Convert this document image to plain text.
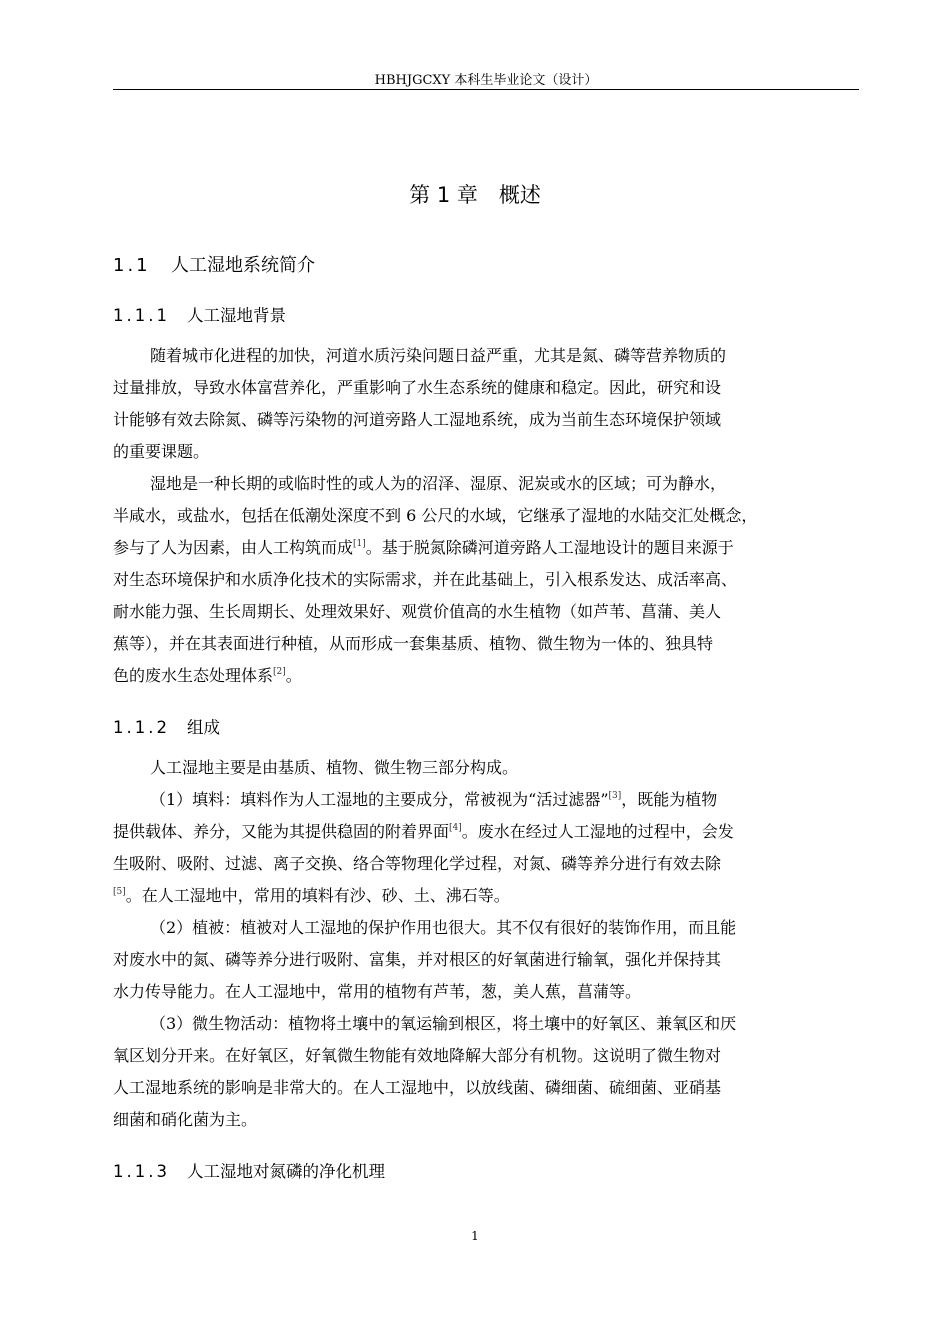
HBHJGCXY 本科生毕业论文（设计）
第 1 章　概述
1.1 人工湿地系统简介
1.1.1 人工湿地背景
随着城市化进程的加快，河道水质污染问题日益严重，尤其是氮、磷等营养物质的
过量排放，导致水体富营养化，严重影响了水生态系统的健康和稳定。因此，研究和设
计能够有效去除氮、磷等污染物的河道旁路人工湿地系统，成为当前生态环境保护领域
的重要课题。
湿地是一种长期的或临时性的或人为的沼泽、湿原、泥炭或水的区域；可为静水，
半咸水，或盐水，包括在低潮处深度不到 6 公尺的水域，它继承了湿地的水陆交汇处概念，
参与了人为因素，由人工构筑而成[1]。基于脱氮除磷河道旁路人工湿地设计的题目来源于
对生态环境保护和水质净化技术的实际需求，并在此基础上，引入根系发达、成活率高、
耐水能力强、生长周期长、处理效果好、观赏价值高的水生植物（如芦苇、菖蒲、美人
蕉等），并在其表面进行种植，从而形成一套集基质、植物、微生物为一体的、独具特
色的废水生态处理体系[2]。
1.1.2 组成
人工湿地主要是由基质、植物、微生物三部分构成。
（1）填料：填料作为人工湿地的主要成分，常被视为“活过滤器”[3]，既能为植物
提供载体、养分，又能为其提供稳固的附着界面[4]。废水在经过人工湿地的过程中，会发
生吸附、吸附、过滤、离子交换、络合等物理化学过程，对氮、磷等养分进行有效去除
[5]。在人工湿地中，常用的填料有沙、砂、土、沸石等。
（2）植被：植被对人工湿地的保护作用也很大。其不仅有很好的装饰作用，而且能
对废水中的氮、磷等养分进行吸附、富集，并对根区的好氧菌进行输氧，强化并保持其
水力传导能力。在人工湿地中，常用的植物有芦苇，葱，美人蕉，菖蒲等。
（3）微生物活动：植物将土壤中的氧运输到根区，将土壤中的好氧区、兼氧区和厌
氧区划分开来。在好氧区，好氧微生物能有效地降解大部分有机物。这说明了微生物对
人工湿地系统的影响是非常大的。在人工湿地中，以放线菌、磷细菌、硫细菌、亚硝基
细菌和硝化菌为主。
1.1.3 人工湿地对氮磷的净化机理
1
